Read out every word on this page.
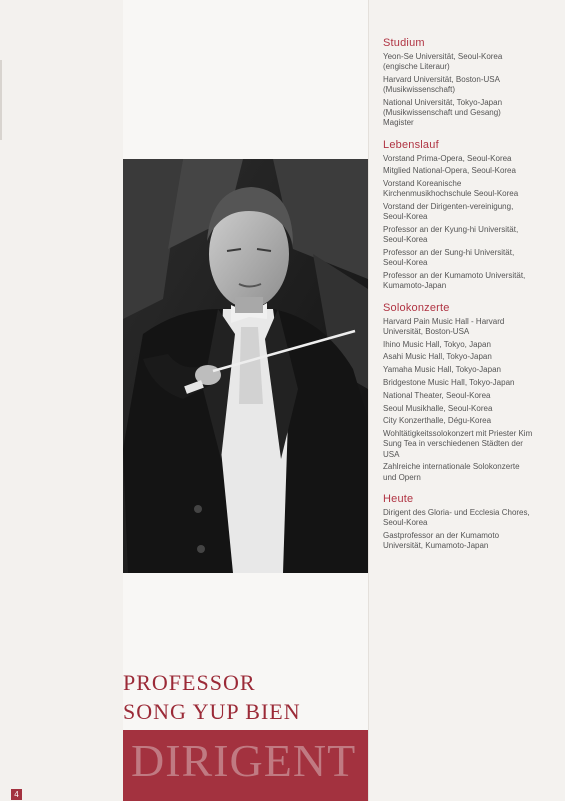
PROFESSOR
SONG YUP BIEN
DIRIGENT
4
Studium
Yeon-Se Universität, Seoul-Korea (engische Literaur)
Harvard Universität, Boston-USA (Musikwissenschaft)
National Universität, Tokyo-Japan (Musikwissenschaft und Gesang) Magister
Lebenslauf
Vorstand Prima-Opera, Seoul-Korea
Mitglied National-Opera, Seoul-Korea
Vorstand Koreanische Kirchenmusikhochschule Seoul-Korea
Vorstand der Dirigenten-vereinigung, Seoul-Korea
Professor an der Kyung-hi Universität, Seoul-Korea
Professor an der Sung-hi Universität, Seoul-Korea
Professor an der Kumamoto Universität, Kumamoto-Japan
Solokonzerte
Harvard Pain Music Hall - Harvard Universität, Boston-USA
Ihino Music Hall, Tokyo, Japan
Asahi Music Hall, Tokyo-Japan
Yamaha Music Hall, Tokyo-Japan
Bridgestone Music Hall, Tokyo-Japan
National Theater, Seoul-Korea
Seoul Musikhalle, Seoul-Korea
City Konzerthalle, Dégu-Korea
Wohltätigkeitssolokonzert mit Priester Kim Sung Tea in verschiedenen Städten der USA
Zahlreiche internationale Solokonzerte und Opern
Heute
Dirigent des Gloria- und Ecclesia Chores, Seoul-Korea
Gastprofessor an der Kumamoto Universität, Kumamoto-Japan
